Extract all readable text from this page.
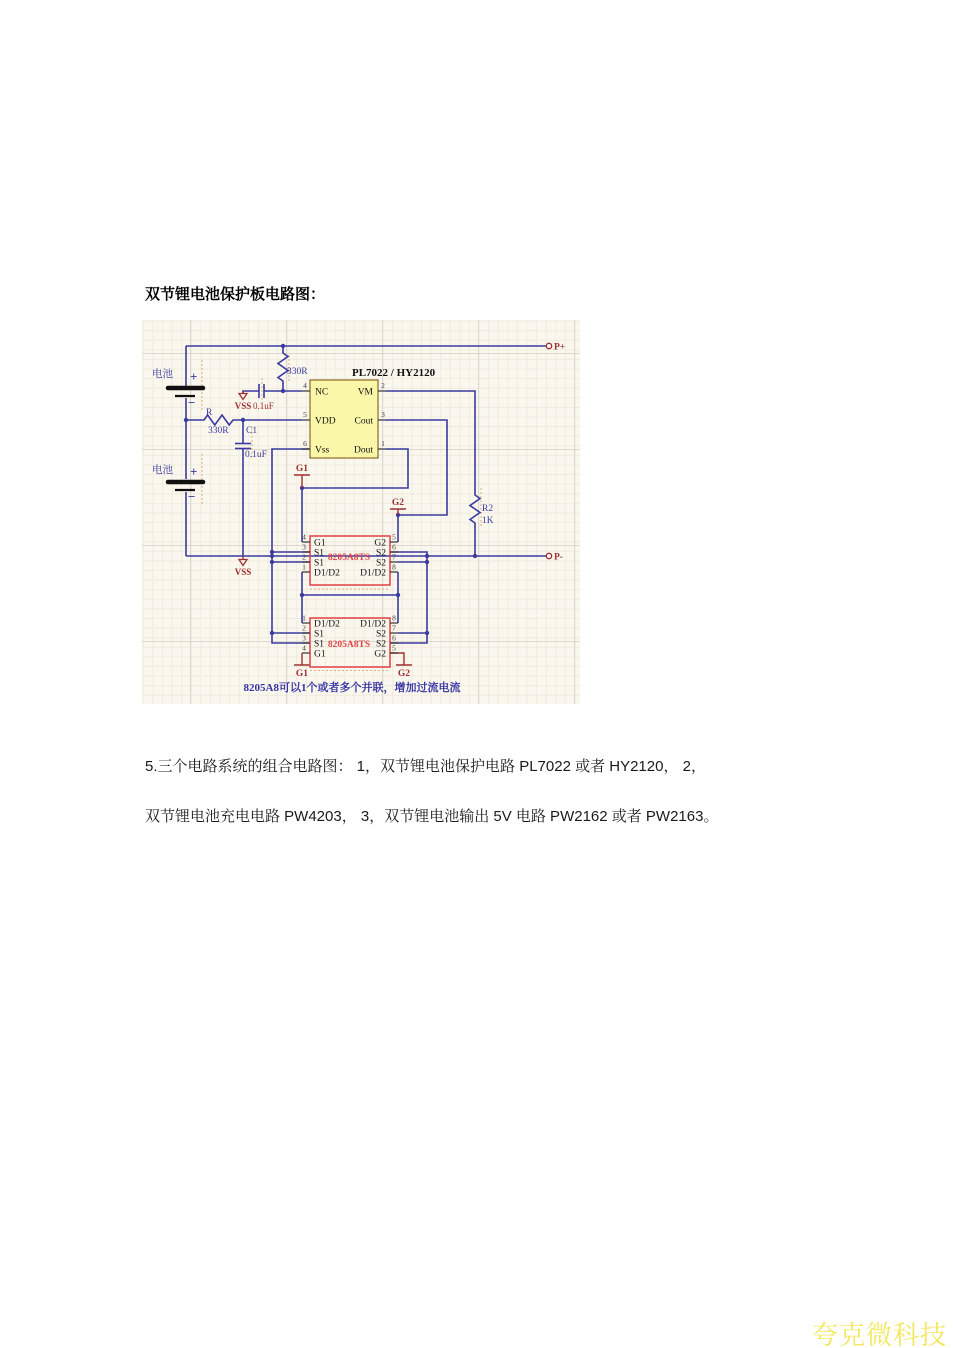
双节锂电池保护板电路图：
电池 +
−
电池 +
−
330R
R
330R C1
0.1uF
R2
1K
VSS 0.1uF
VSS
G1
G2
G1	G2
P+
P-
PL7022 / HY2120
4
5
6
2
3
1
NC
VDD
Vss
VM
Cout
Dout
8205A8TS
4
3
2
1
5
6
7
8
G1
S1
S1
D1/D2
G2
S2
S2
D1/D2
8205A8TS
1
2
3
4
8
7
6
5
D1/D2
S1
S1
G1
D1/D2
S2
S2
G2
8205A8可以1个或者多个并联，增加过流电流
5.三个电路系统的组合电路图： 1，双节锂电池保护电路 PL7022 或者 HY2120， 2，
双节锂电池充电电路 PW4203， 3，双节锂电池输出 5V 电路 PW2162 或者 PW2163。
夸克微科技
